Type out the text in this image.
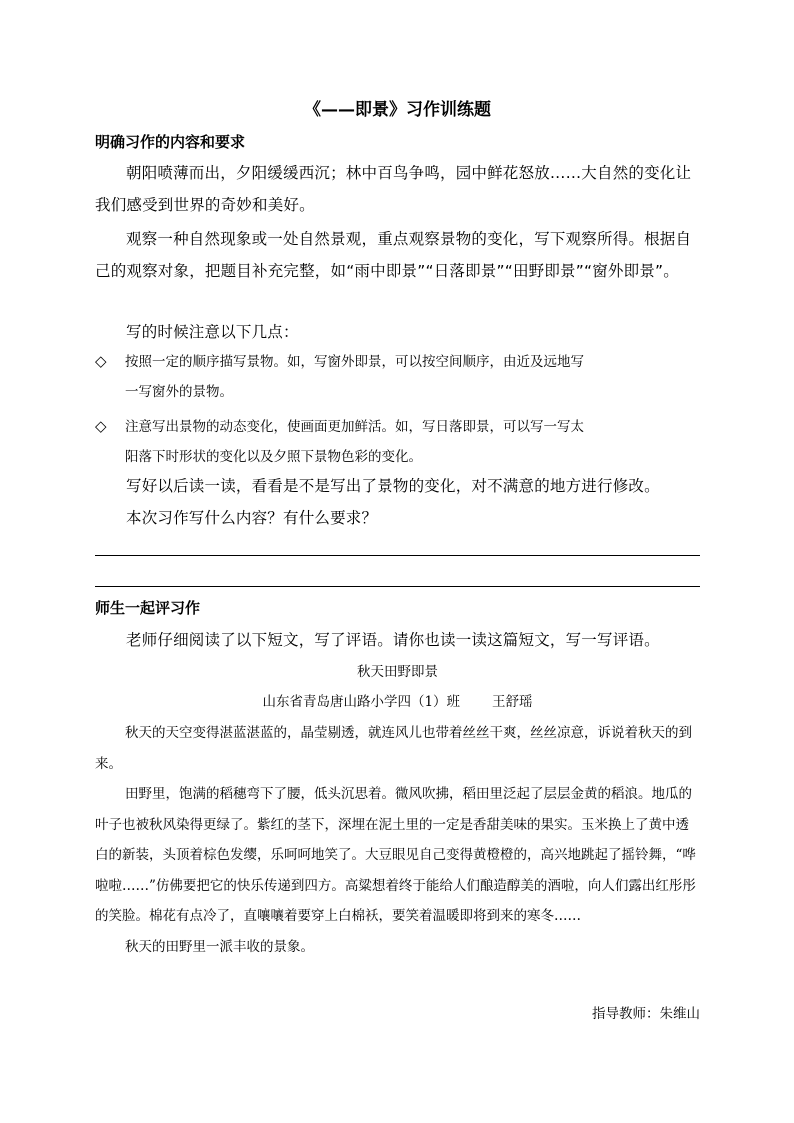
《——即景》习作训练题
明确习作的内容和要求
朝阳喷薄而出，夕阳缓缓西沉；林中百鸟争鸣，园中鲜花怒放……大自然的变化让我们感受到世界的奇妙和美好。
观察一种自然现象或一处自然景观，重点观察景物的变化，写下观察所得。根据自己的观察对象，把题目补充完整，如“雨中即景”“日落即景”“田野即景”“窗外即景”。
写的时候注意以下几点：
◇ 按照一定的顺序描写景物。如，写窗外即景，可以按空间顺序，由近及远地写
一写窗外的景物。
◇ 注意写出景物的动态变化，使画面更加鲜活。如，写日落即景，可以写一写太
阳落下时形状的变化以及夕照下景物色彩的变化。
写好以后读一读，看看是不是写出了景物的变化，对不满意的地方进行修改。
本次习作写什么内容？有什么要求？
师生一起评习作
老师仔细阅读了以下短文，写了评语。请你也读一读这篇短文，写一写评语。
秋天田野即景
山东省青岛唐山路小学四（1）班 王舒瑶

秋天的天空变得湛蓝湛蓝的，晶莹剔透，就连风儿也带着丝丝干爽，丝丝凉意，诉说着秋天的到来。

田野里，饱满的稻穗弯下了腰，低头沉思着。微风吹拂，稻田里泛起了层层金黄的稻浪。地瓜的叶子也被秋风染得更绿了。紫红的茎下，深埋在泥土里的一定是香甜美味的果实。玉米换上了黄中透白的新装，头顶着棕色发缨，乐呵呵地笑了。大豆眼见自己变得黄橙橙的，高兴地跳起了摇铃舞，“哗啦啦……”仿佛要把它的快乐传递到四方。高粱想着终于能给人们酿造醇美的酒啦，向人们露出红彤彤的笑脸。棉花有点冷了，直嚷嚷着要穿上白棉袄，要笑着温暖即将到来的寒冬……

秋天的田野里一派丰收的景象。

指导教师：朱维山
